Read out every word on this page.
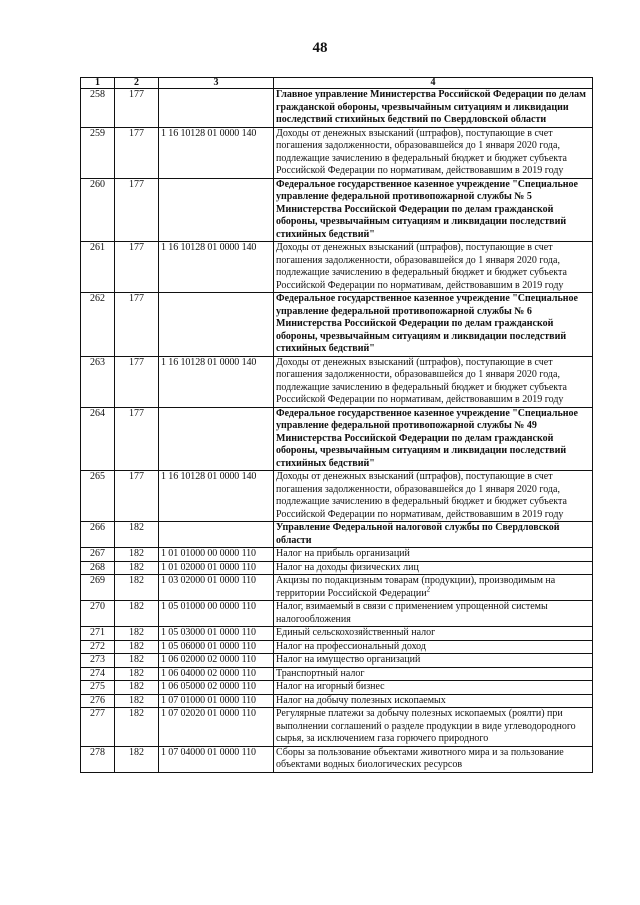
48
1	2	3	4
258	177		Главное управление Министерства Российской Федерации по делам гражданской обороны, чрезвычайным ситуациям и ликвидации последствий стихийных бедствий по Свердловской области
259	177	1 16 10128 01 0000 140	Доходы от денежных взысканий (штрафов), поступающие в счет погашения задолженности, образовавшейся до 1 января 2020 года, подлежащие зачислению в федеральный бюджет и бюджет субъекта Российской Федерации по нормативам, действовавшим в 2019 году
260	177		Федеральное государственное казенное учреждение "Специальное управление федеральной противопожарной службы № 5 Министерства Российской Федерации по делам гражданской обороны, чрезвычайным ситуациям и ликвидации последствий стихийных бедствий"
261	177	1 16 10128 01 0000 140	Доходы от денежных взысканий (штрафов), поступающие в счет погашения задолженности, образовавшейся до 1 января 2020 года, подлежащие зачислению в федеральный бюджет и бюджет субъекта Российской Федерации по нормативам, действовавшим в 2019 году
262	177		Федеральное государственное казенное учреждение "Специальное управление федеральной противопожарной службы № 6 Министерства Российской Федерации по делам гражданской обороны, чрезвычайным ситуациям и ликвидации последствий стихийных бедствий"
263	177	1 16 10128 01 0000 140	Доходы от денежных взысканий (штрафов), поступающие в счет погашения задолженности, образовавшейся до 1 января 2020 года, подлежащие зачислению в федеральный бюджет и бюджет субъекта Российской Федерации по нормативам, действовавшим в 2019 году
264	177		Федеральное государственное казенное учреждение "Специальное управление федеральной противопожарной службы № 49 Министерства Российской Федерации по делам гражданской обороны, чрезвычайным ситуациям и ликвидации последствий стихийных бедствий"
265	177	1 16 10128 01 0000 140	Доходы от денежных взысканий (штрафов), поступающие в счет погашения задолженности, образовавшейся до 1 января 2020 года, подлежащие зачислению в федеральный бюджет и бюджет субъекта Российской Федерации по нормативам, действовавшим в 2019 году
266	182		Управление Федеральной налоговой службы по Свердловской области
267	182	1 01 01000 00 0000 110	Налог на прибыль организаций
268	182	1 01 02000 01 0000 110	Налог на доходы физических лиц
269	182	1 03 02000 01 0000 110	Акцизы по подакцизным товарам (продукции), производимым на территории Российской Федерации$^2$
270	182	1 05 01000 00 0000 110	Налог, взимаемый в связи с применением упрощенной системы налогообложения
271	182	1 05 03000 01 0000 110	Единый сельскохозяйственный налог
272	182	1 05 06000 01 0000 110	Налог на профессиональный доход
273	182	1 06 02000 02 0000 110	Налог на имущество организаций
274	182	1 06 04000 02 0000 110	Транспортный налог
275	182	1 06 05000 02 0000 110	Налог на игорный бизнес
276	182	1 07 01000 01 0000 110	Налог на добычу полезных ископаемых
277	182	1 07 02020 01 0000 110	Регулярные платежи за добычу полезных ископаемых (роялти) при выполнении соглашений о разделе продукции в виде углеводородного сырья, за исключением газа горючего природного
278	182	1 07 04000 01 0000 110	Сборы за пользование объектами животного мира и за пользование объектами водных биологических ресурсов
